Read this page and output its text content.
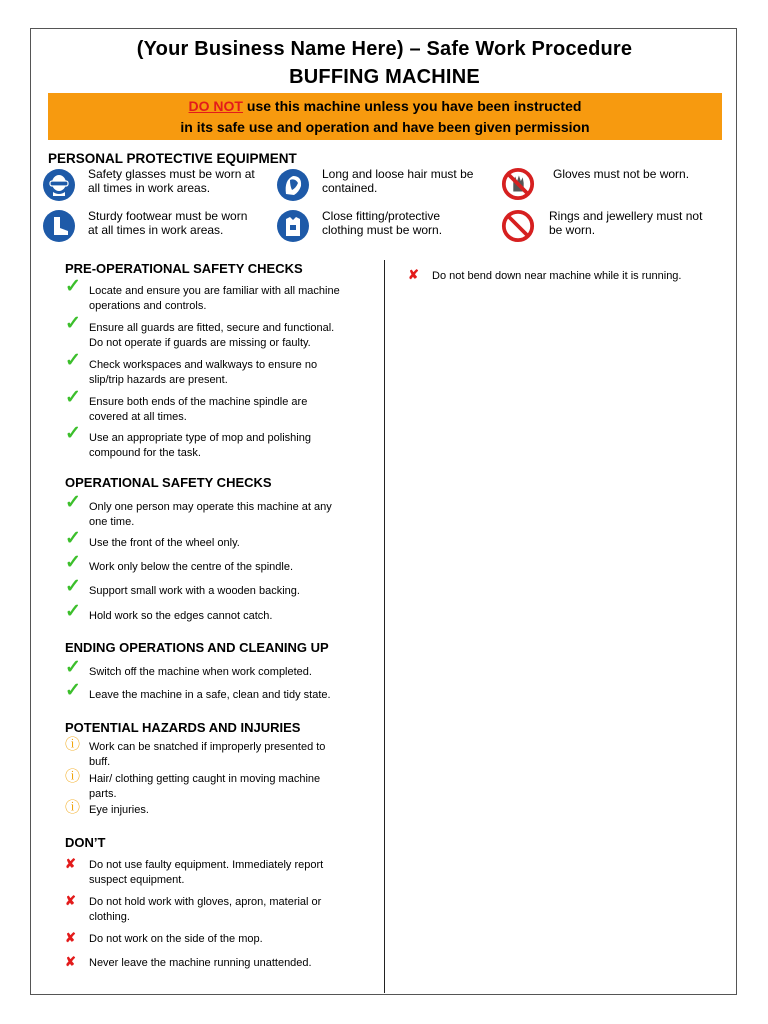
(Your Business Name Here) – Safe Work Procedure
BUFFING MACHINE
DO NOT use this machine unless you have been instructed
in its safe use and operation and have been given permission
PERSONAL PROTECTIVE EQUIPMENT
Safety glasses must be worn at
all times in work areas.
Long and loose hair must be
contained.
Gloves must not be worn.
Sturdy footwear must be worn
at all times in work areas.
Close fitting/protective
clothing must be worn.
Rings and jewellery must not
be worn.
PRE-OPERATIONAL SAFETY CHECKS
✓ Locate and ensure you are familiar with all machine
operations and controls.
✓ Ensure all guards are fitted, secure and functional.
Do not operate if guards are missing or faulty.
✓ Check workspaces and walkways to ensure no
slip/trip hazards are present.
✓ Ensure both ends of the machine spindle are
covered at all times.
✓ Use an appropriate type of mop and polishing
compound for the task.
OPERATIONAL SAFETY CHECKS
✓ Only one person may operate this machine at any
one time.
✓ Use the front of the wheel only.
✓ Work only below the centre of the spindle.
✓ Support small work with a wooden backing.
✓ Hold work so the edges cannot catch.
ENDING OPERATIONS AND CLEANING UP
✓ Switch off the machine when work completed.
✓ Leave the machine in a safe, clean and tidy state.
POTENTIAL HAZARDS AND INJURIES
ⓘ Work can be snatched if improperly presented to
buff.
ⓘ Hair/ clothing getting caught in moving machine
parts.
ⓘ Eye injuries.
DON’T
✘	Do not use faulty equipment. Immediately report
suspect equipment.
✘	Do not hold work with gloves, apron, material or
clothing.
✘	Do not work on the side of the mop.
✘	Never leave the machine running unattended.
✘	Do not bend down near machine while it is running.
